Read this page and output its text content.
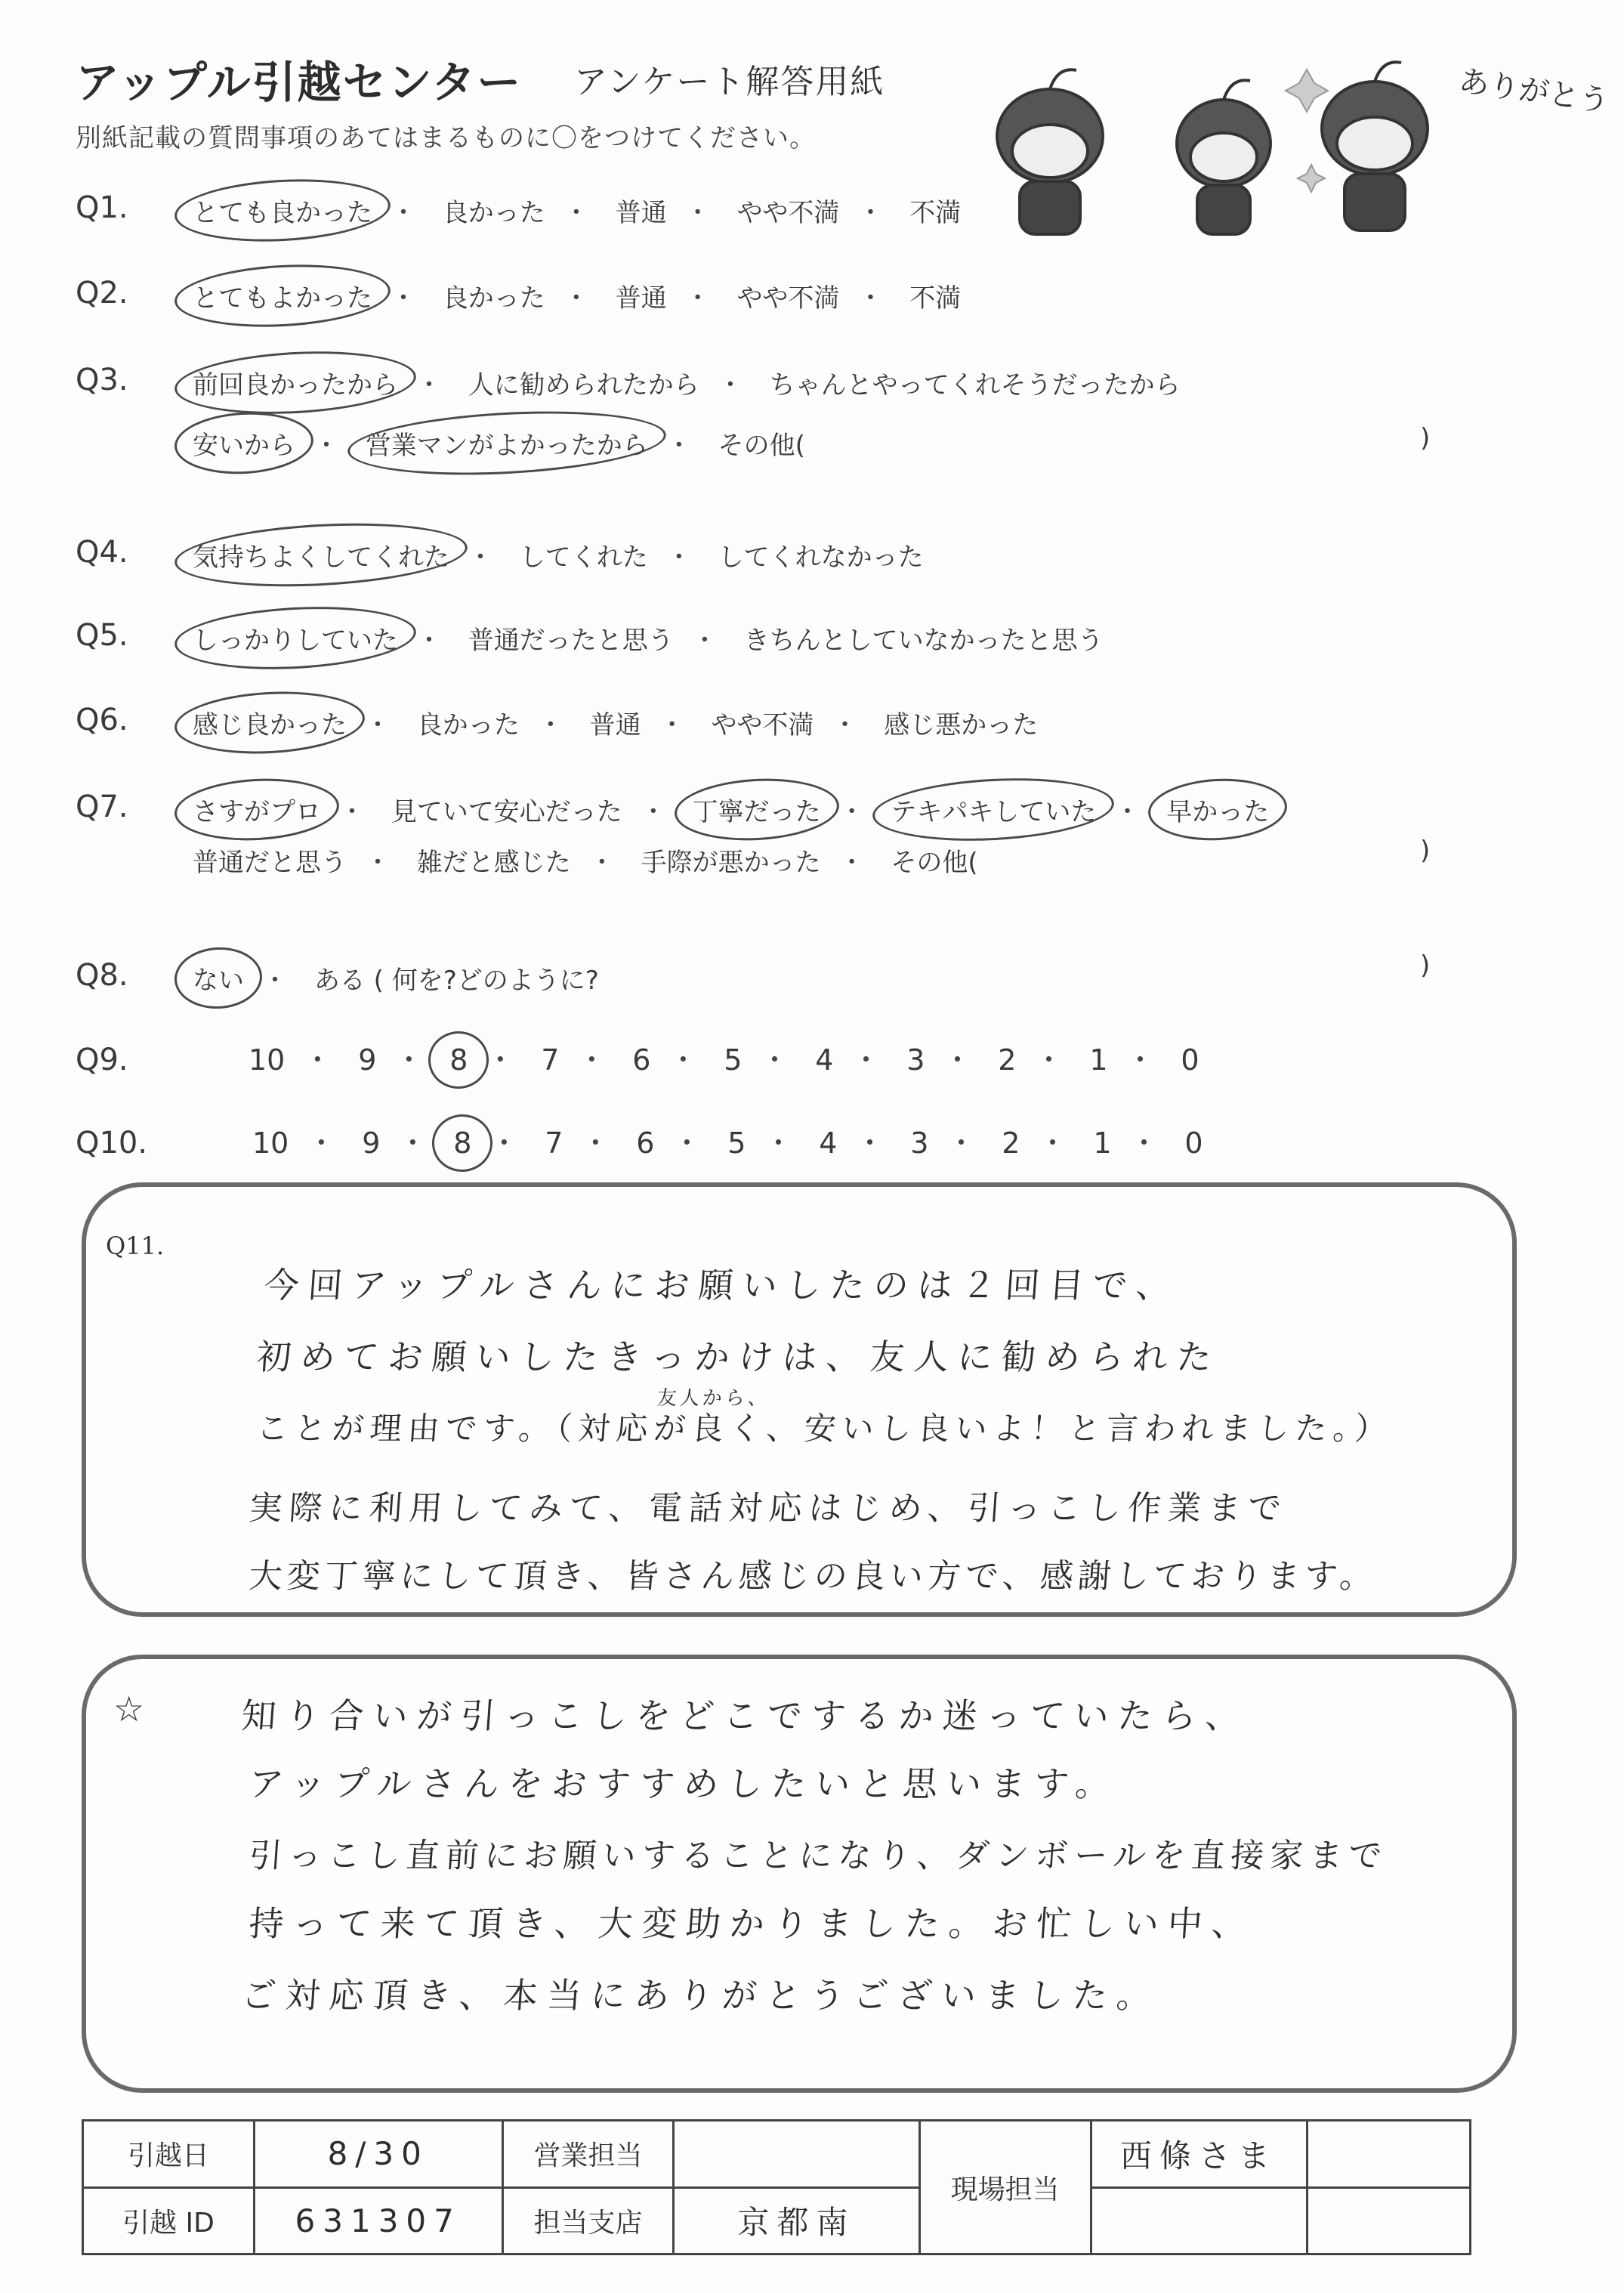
アップル引越センター アンケート解答用紙
別紙記載の質問事項のあてはまるものに〇をつけてください。
ありがとう
Q1.	とても良かった ・ 良かった ・ 普通 ・ やや不満 ・ 不満
Q2.	とてもよかった ・ 良かった ・ 普通 ・ やや不満 ・ 不満
Q3.	前回良かったから ・ 人に勧められたから ・ ちゃんとやってくれそうだったから
安いから ・ 営業マンがよかったから ・ その他(	)
Q4.	気持ちよくしてくれた ・ してくれた ・ してくれなかった
Q5.	しっかりしていた ・ 普通だったと思う ・ きちんとしていなかったと思う
Q6.	感じ良かった ・ 良かった ・ 普通 ・ やや不満 ・ 感じ悪かった
Q7.	さすがプロ ・ 見ていて安心だった ・ 丁寧だった ・ テキパキしていた ・ 早かった
普通だと思う ・ 雑だと感じた ・ 手際が悪かった ・ その他(	)
Q8.	ない ・ ある ( 何を?どのように?	)
Q9.	10 ・ 9 ・ 8 ・ 7 ・ 6 ・ 5 ・ 4 ・ 3 ・ 2 ・ 1 ・ 0
Q10.	10 ・ 9 ・ 8 ・ 7 ・ 6 ・ 5 ・ 4 ・ 3 ・ 2 ・ 1 ・ 0
Q11.
今回アップルさんにお願いしたのは２回目で、
初めてお願いしたきっかけは、友人に勧められた
友人から、
ことが理由です。（対応が良く、安いし良いよ！と言われました。）
実際に利用してみて、電話対応はじめ、引っこし作業まで
大変丁寧にして頂き、皆さん感じの良い方で、感謝しております。
☆	知り合いが引っこしをどこでするか迷っていたら、
アップルさんをおすすめしたいと思います。
引っこし直前にお願いすることになり、ダンボールを直接家まで
持って来て頂き、大変助かりました。お忙しい中、
ご対応頂き、本当にありがとうございました。
引越日	8/30	営業担当		現場担当	西條さま	
引越 ID	631307	担当支店	京都南			
